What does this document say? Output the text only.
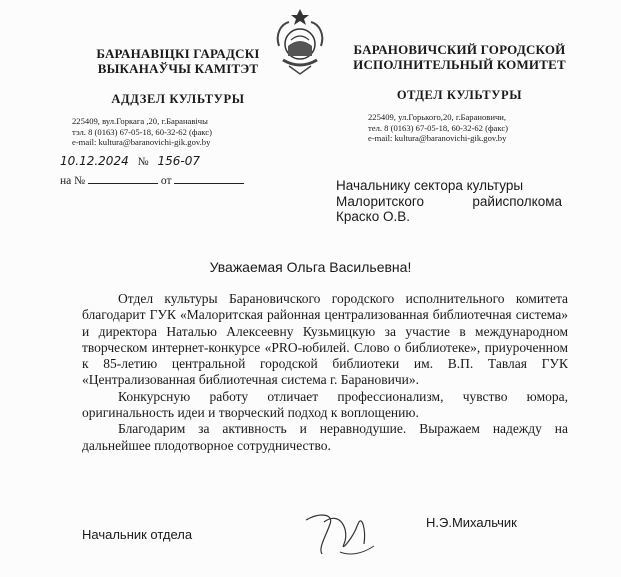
БАРАНАВІЦКІ ГАРАДСКІ
ВЫКАНАЎЧЫ КАМІТЭТ
АДДЗЕЛ КУЛЬТУРЫ
БАРАНОВИЧСКИЙ ГОРОДСКОЙ
ИСПОЛНИТЕЛЬНЫЙ КОМИТЕТ
ОТДЕЛ КУЛЬТУРЫ
225409, вул.Горкага ,20, г.Баранавічы
тэл. 8 (0163) 67-05-18, 60-32-62 (факс)
e-mail: kultura@baranovichi-gik.gov.by
225409, ул.Горького,20, г.Барановичи,
тел. 8 (0163) 67-05-18, 60-32-62 (факс)
e-mail: kultura@baranovichi-gik.gov.by
10.12.2024 № 156-07
на №	от	Начальнику сектора культуры
Малоритского	райисполкома
Краско О.В.
Уважаемая Ольга Васильевна!

Отдел культуры Барановичского городского исполнительного комитета благодарит ГУК «Малоритская районная централизованная библиотечная система» и директора Наталью Алексеевну Кузьмицкую за участие в международном творческом интернет-конкурсе «PRO-юбилей. Слово о библиотеке», приуроченном к 85-летию центральной городской библиотеки им. В.П. Тавлая ГУК «Централизованная библиотечная система г. Барановичи».

Конкурсную работу отличает профессионализм, чувство юмора, оригинальность идеи и творческий подход к воплощению.

Благодарим за активность и неравнодушие. Выражаем надежду на дальнейшее плодотворное сотрудничество.

Начальник отдела
Н.Э.Михальчик
